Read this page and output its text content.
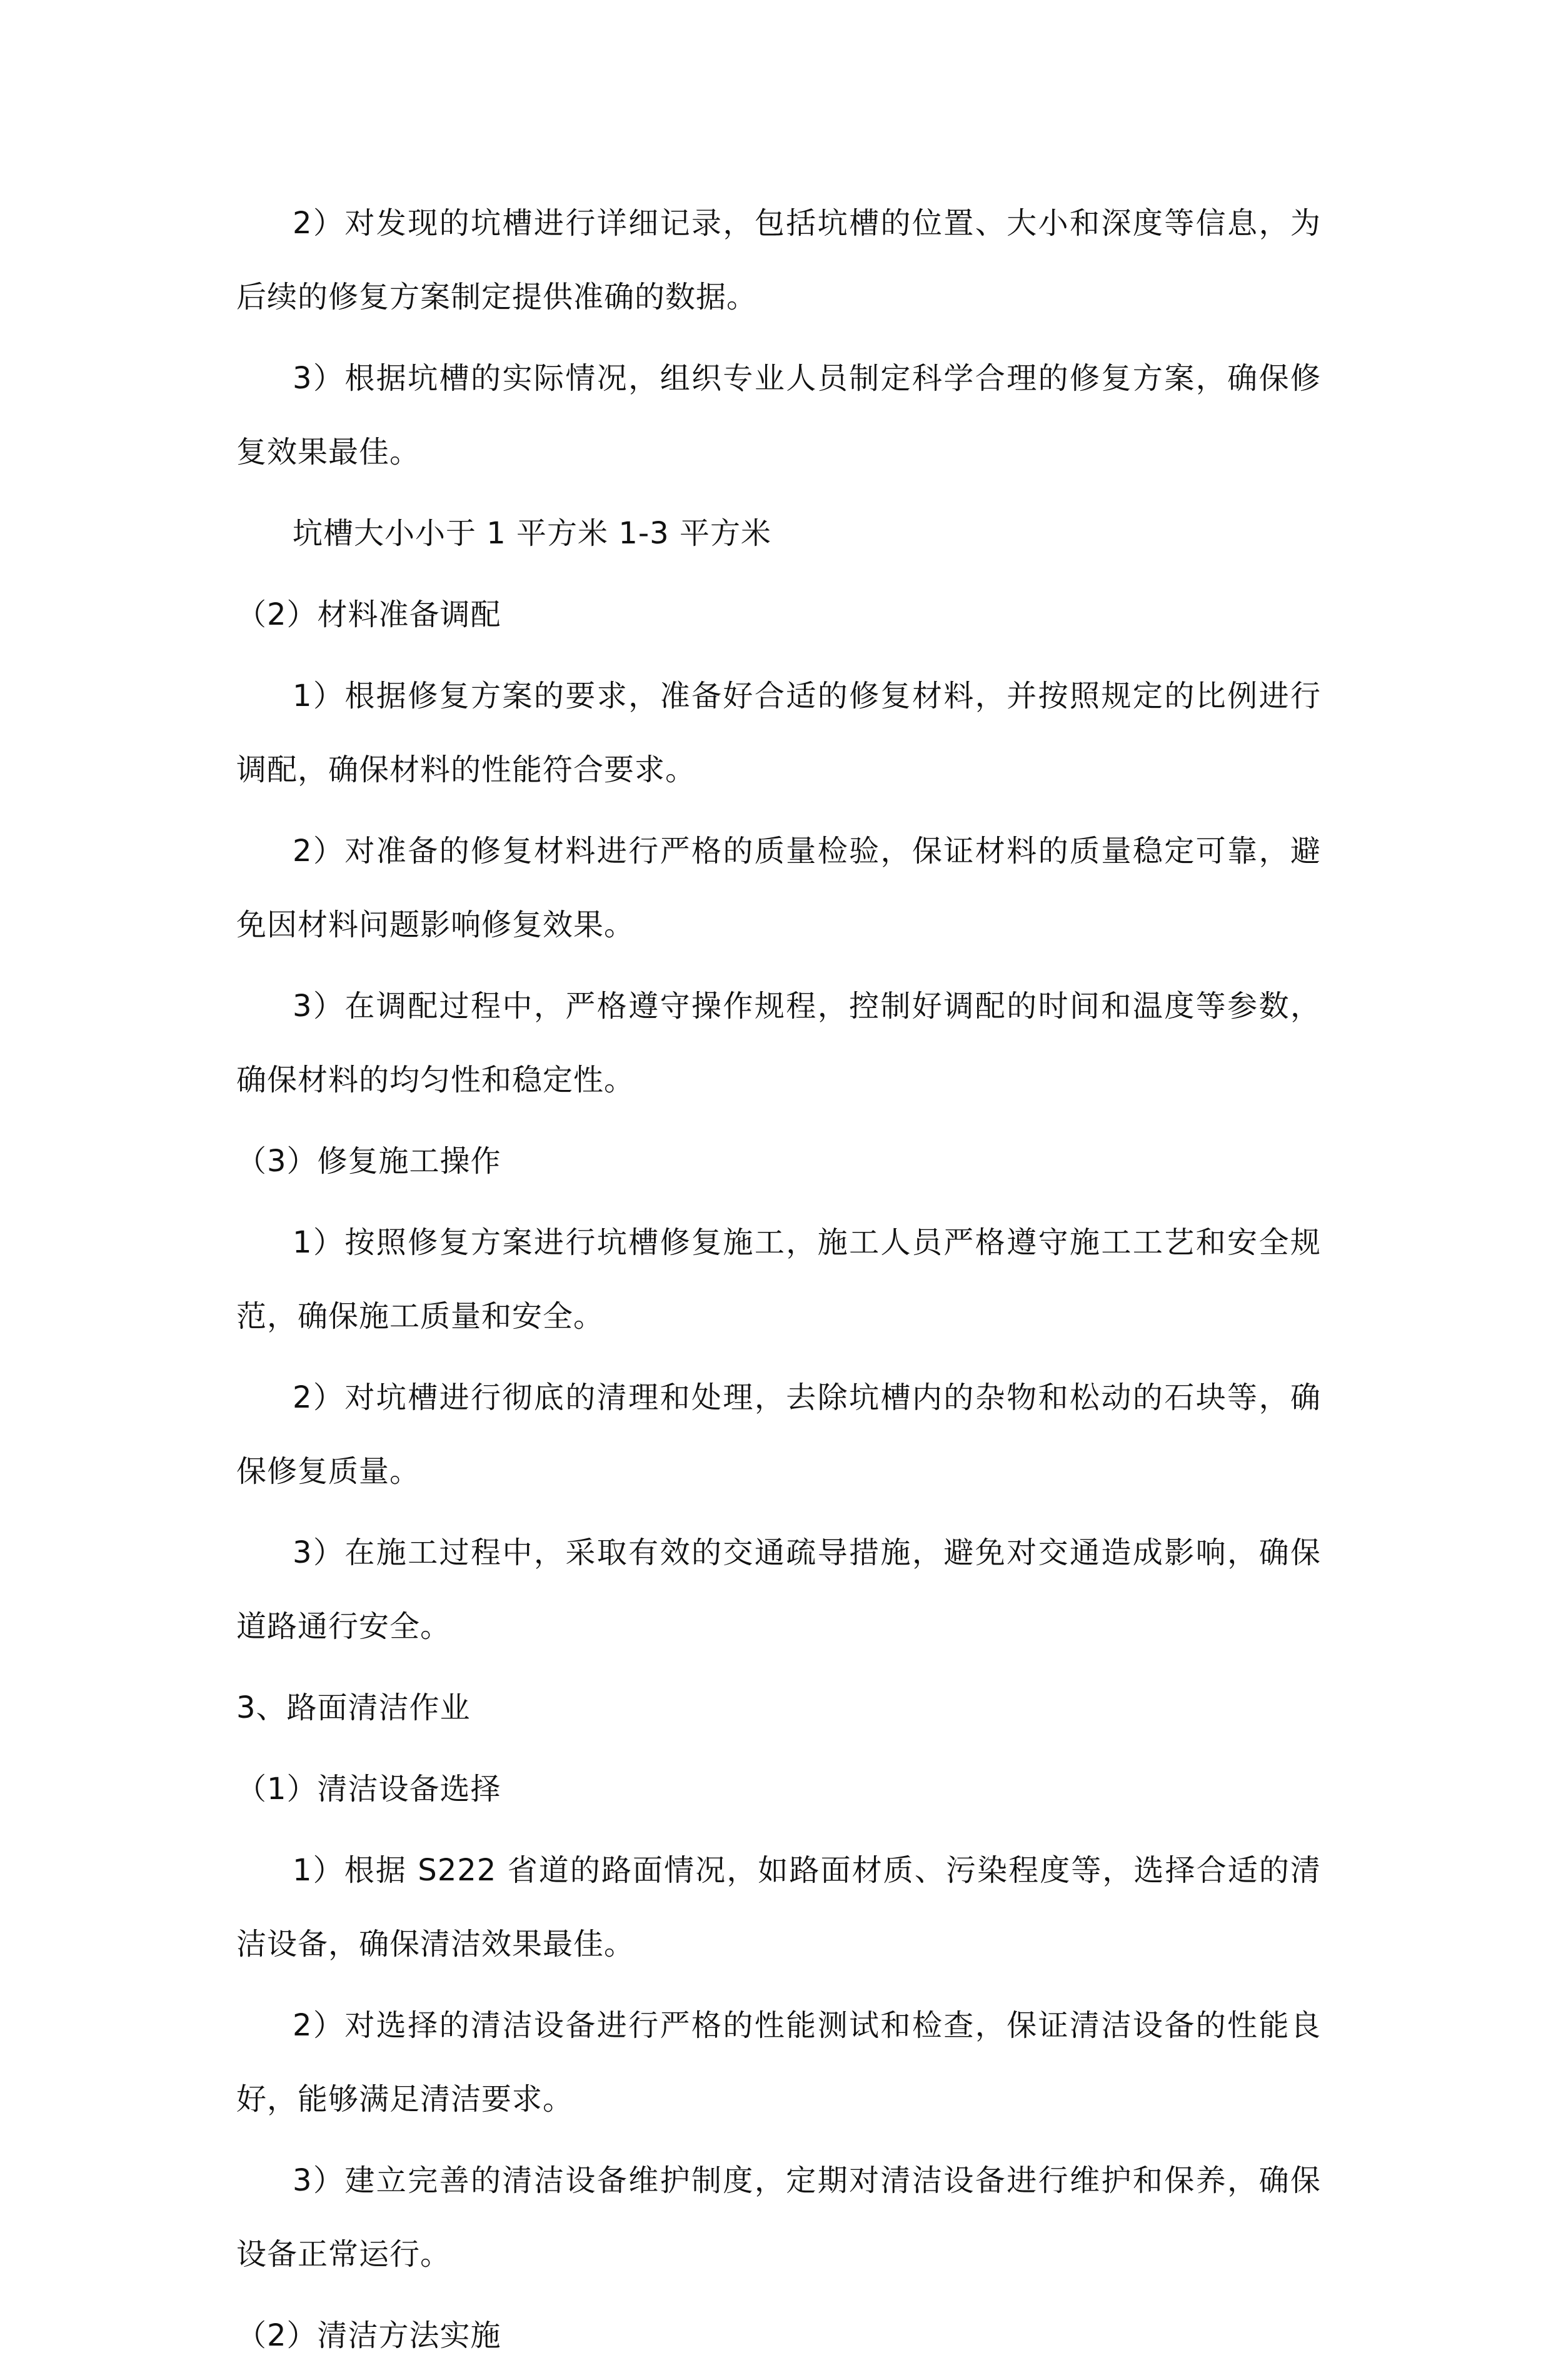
2）对发现的坑槽进行详细记录，包括坑槽的位置、大小和深度等信息，为后续的修复方案制定提供准确的数据。

3）根据坑槽的实际情况，组织专业人员制定科学合理的修复方案，确保修复效果最佳。

坑槽大小小于 1 平方米 1-3 平方米

（2）材料准备调配

1）根据修复方案的要求，准备好合适的修复材料，并按照规定的比例进行调配，确保材料的性能符合要求。

2）对准备的修复材料进行严格的质量检验，保证材料的质量稳定可靠，避免因材料问题影响修复效果。

3）在调配过程中，严格遵守操作规程，控制好调配的时间和温度等参数，确保材料的均匀性和稳定性。

（3）修复施工操作

1）按照修复方案进行坑槽修复施工，施工人员严格遵守施工工艺和安全规范，确保施工质量和安全。

2）对坑槽进行彻底的清理和处理，去除坑槽内的杂物和松动的石块等，确保修复质量。

3）在施工过程中，采取有效的交通疏导措施，避免对交通造成影响，确保道路通行安全。

3、路面清洁作业

（1）清洁设备选择

1）根据 S222 省道的路面情况，如路面材质、污染程度等，选择合适的清洁设备，确保清洁效果最佳。

2）对选择的清洁设备进行严格的性能测试和检查，保证清洁设备的性能良好，能够满足清洁要求。

3）建立完善的清洁设备维护制度，定期对清洁设备进行维护和保养，确保设备正常运行。

（2）清洁方法实施
